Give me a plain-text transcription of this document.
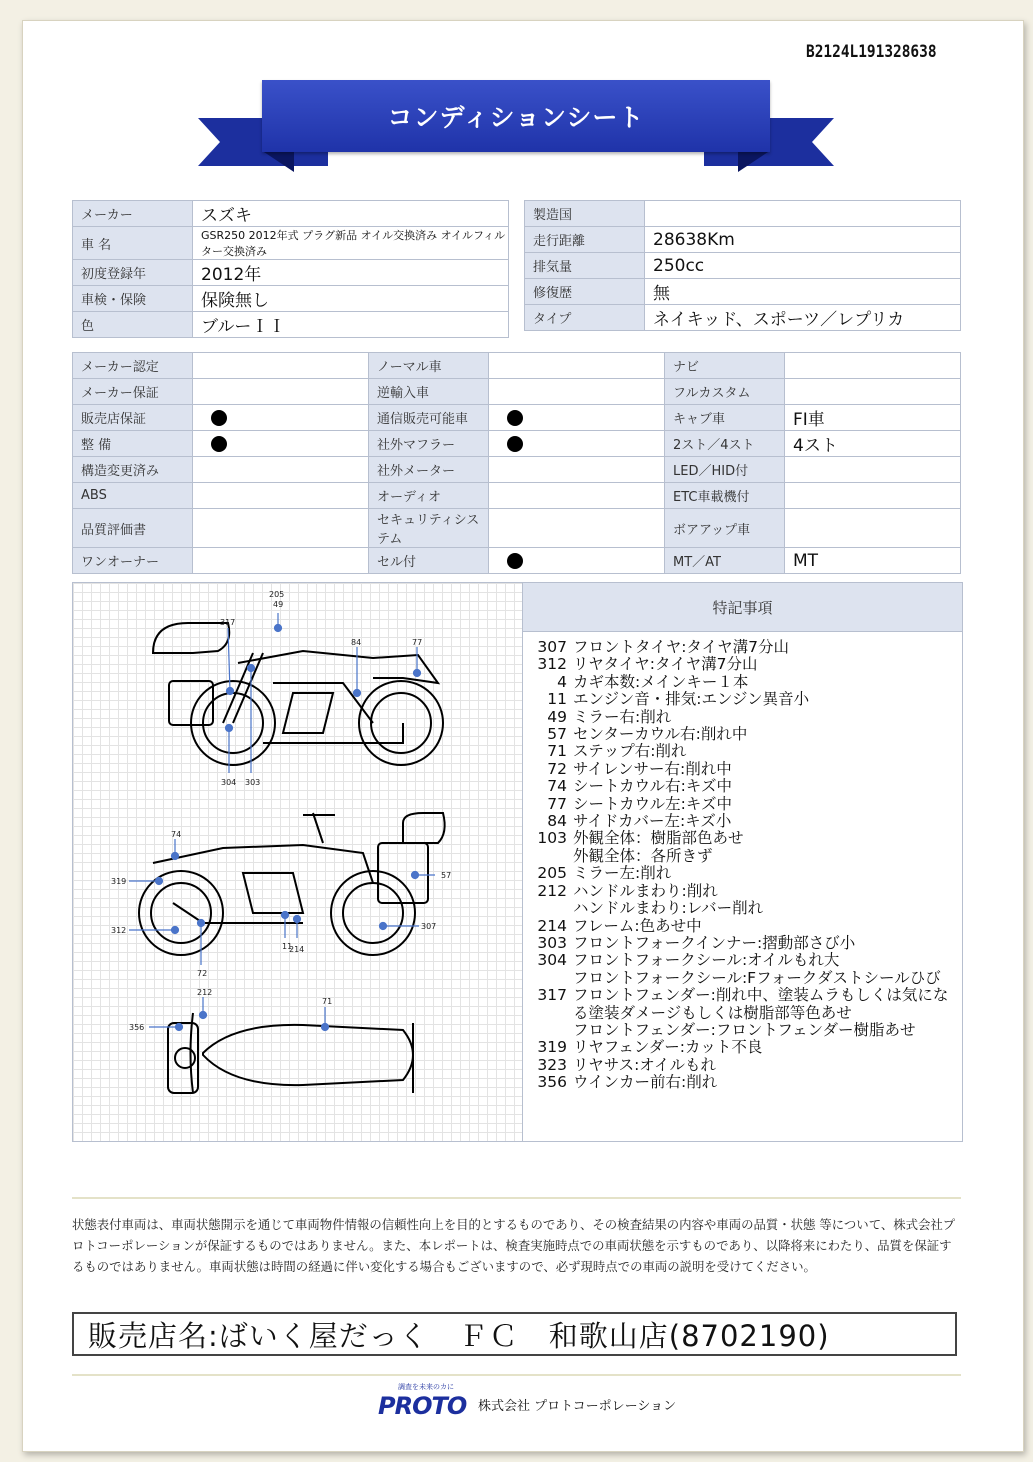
B2124L191328638
コンディションシート
メーカー	スズキ
車 名	GSR250 2012年式 プラグ新品 オイル交換済み オイルフィルター交換済み
初度登録年	2012年
車検・保険	保険無し
色	ブルーＩＩ
製造国	
走行距離	28638Km
排気量	250cc
修復歴	無
タイプ	ネイキッド、スポーツ／レプリカ
メーカー認定		ノーマル車		ナビ	
メーカー保証		逆輸入車		フルカスタム	
販売店保証		通信販売可能車		キャブ車	FI車
整 備		社外マフラー		2スト／4スト	4スト
構造変更済み		社外メーター		LED／HID付	
ABS		オーディオ		ETC車載機付	
品質評価書		セキュリティシステム		ボアアップ車	
ワンオーナー		セル付		MT／AT	MT
205
49
317
84	77
304 303
74
319
57
312	307
72
11
214
212
71
356
特記事項
307 フロントタイヤ:タイヤ溝7分山
312 リヤタイヤ:タイヤ溝7分山
4 カギ本数:メインキー１本
11 エンジン音・排気:エンジン異音小
49 ミラー右:削れ
57 センターカウル右:削れ中
71 ステップ右:削れ
72 サイレンサー右:削れ中
74 シートカウル右:キズ中
77 シートカウル左:キズ中
84 サイドカバー左:キズ小
103 外観全体：樹脂部色あせ
外観全体：各所きず
205 ミラー左:削れ
212 ハンドルまわり:削れ
ハンドルまわり:レバー削れ
214 フレーム:色あせ中
303 フロントフォークインナー:摺動部さび小
304 フロントフォークシール:オイルもれ大
フロントフォークシール:Fフォークダストシールひび
317 フロントフェンダー:削れ中、塗装ムラもしくは気になる塗装ダメージもしくは樹脂部等色あせ
フロントフェンダー:フロントフェンダー樹脂あせ
319 リヤフェンダー:カット不良
323 リヤサス:オイルもれ
356 ウインカー前右:削れ
状態表付車両は、車両状態開示を通じて車両物件情報の信頼性向上を目的とするものであり、その検査結果の内容や車両の品質・状態 等について、株式会社プロトコーポレーションが保証するものではありません。また、本レポートは、検査実施時点での車両状態を示すものであり、以降将来にわたり、品質を保証するものではありません。車両状態は時間の経過に伴い変化する場合もございますので、必ず現時点での車両の説明を受けてください。
販売店名:ばいく屋だっく　ＦＣ　和歌山店(8702190)
調査を未来のカに
PROTO 株式会社 プロトコーポレーション
